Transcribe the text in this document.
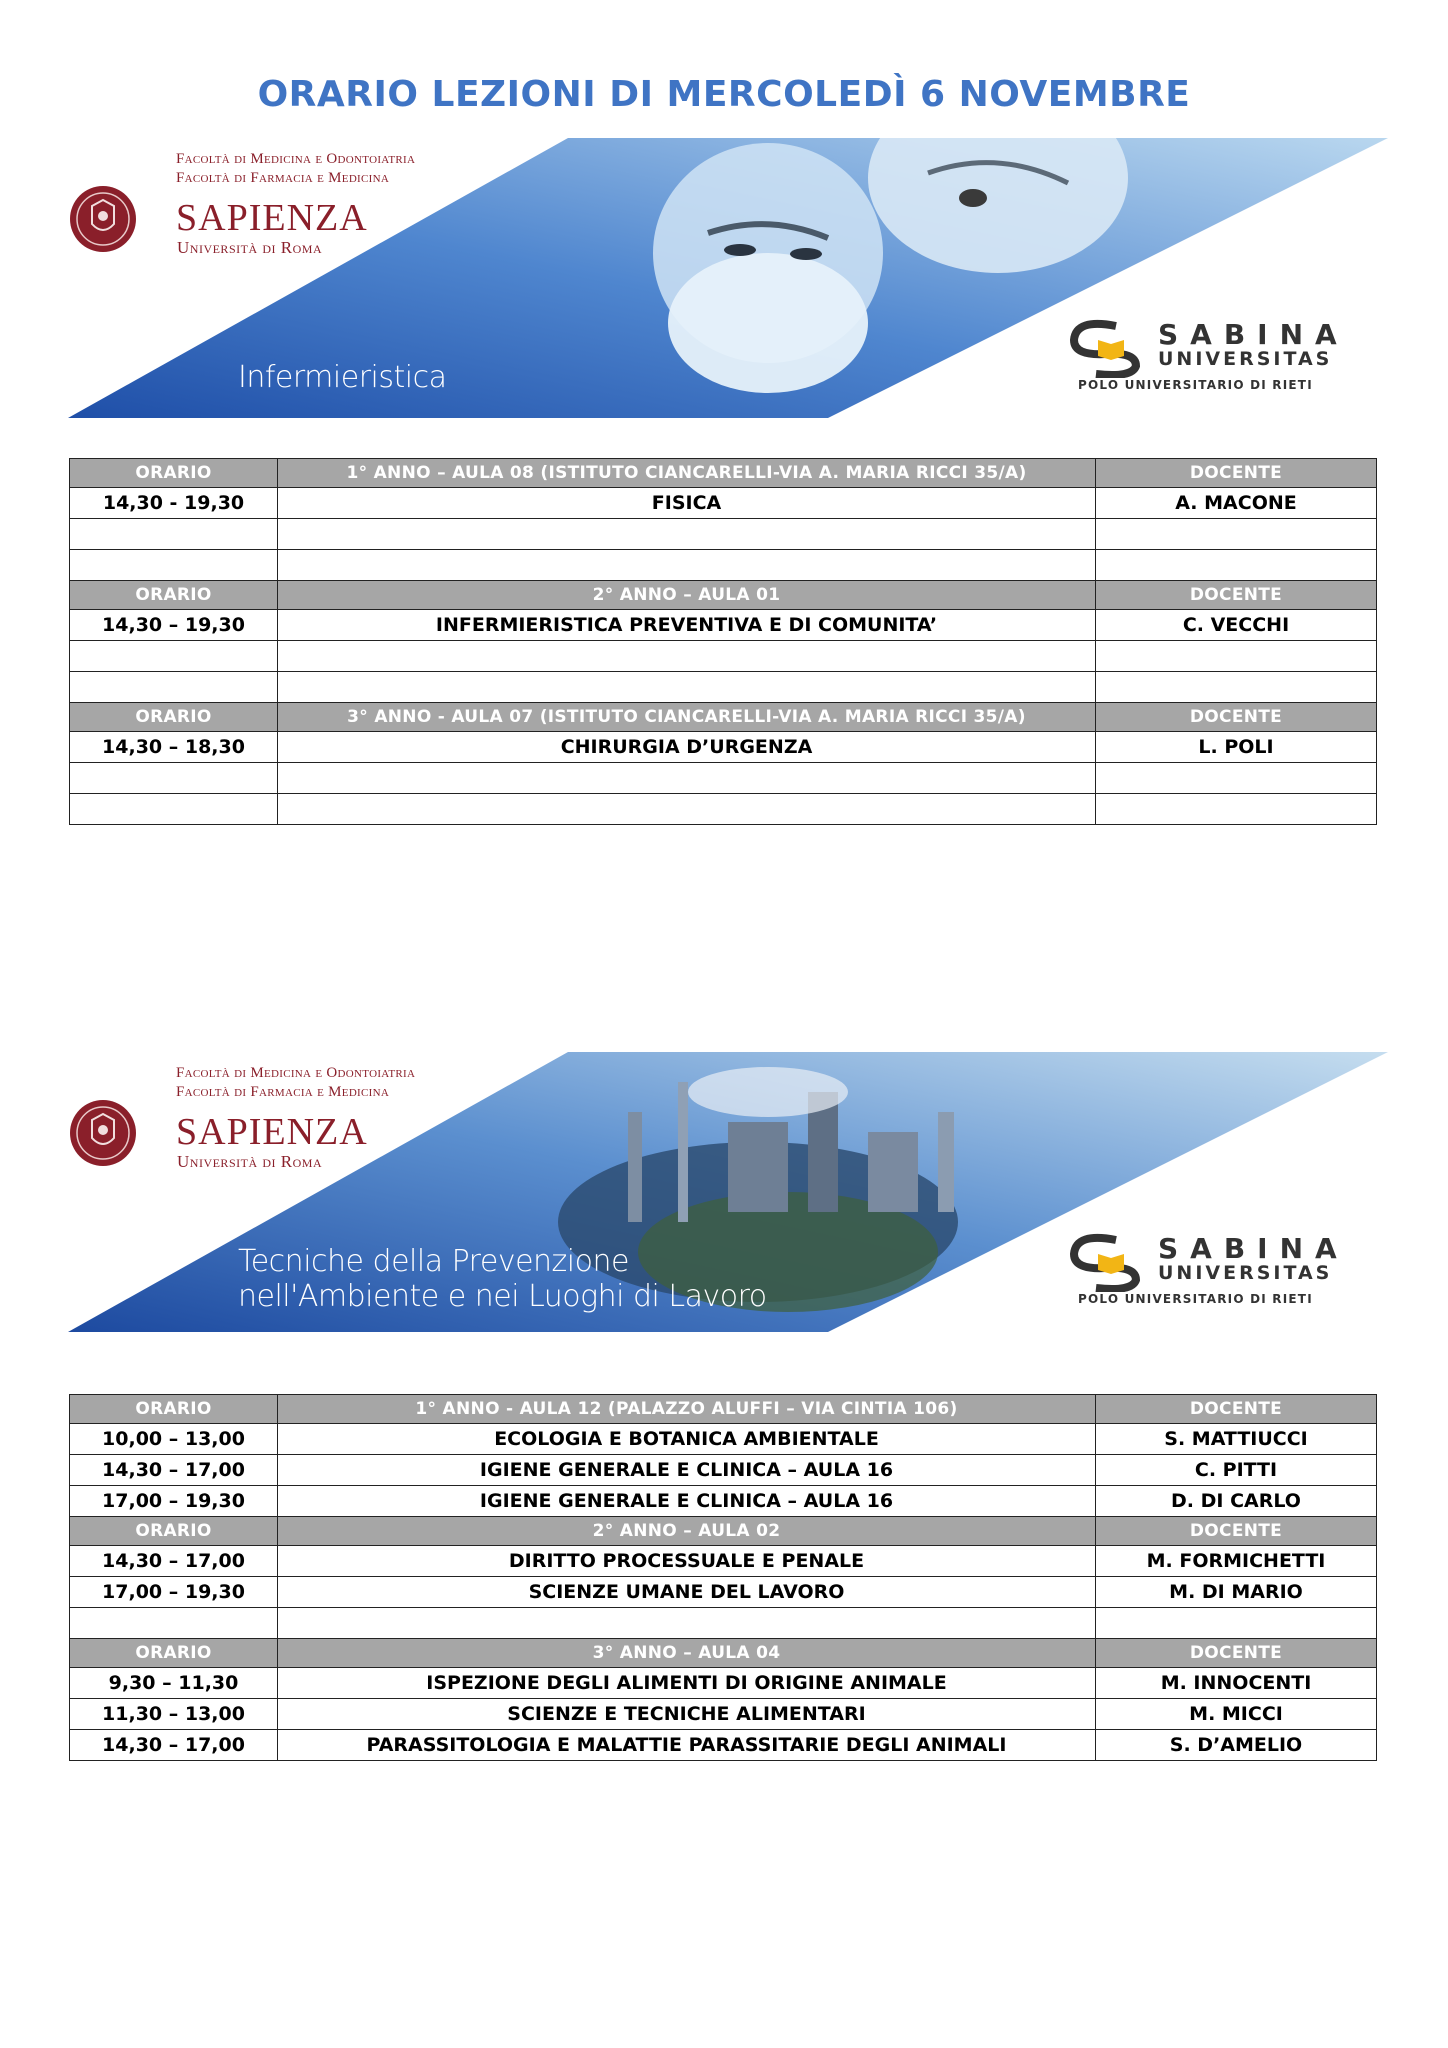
ORARIO LEZIONI DI MERCOLEDÌ 6 NOVEMBRE
Facoltà di Medicina e Odontoiatria
Facoltà di Farmacia e Medicina
SAPIENZA
Università di Roma
Infermieristica
SABINA
UNIVERSITAS
POLO UNIVERSITARIO DI RIETI
ORARIO	1° ANNO – AULA 08 (ISTITUTO CIANCARELLI-VIA A. MARIA RICCI 35/A)	DOCENTE
14,30 - 19,30	FISICA	A. MACONE

ORARIO	2° ANNO – AULA 01	DOCENTE
14,30 – 19,30	INFERMIERISTICA PREVENTIVA E DI COMUNITA’	C. VECCHI

ORARIO	3° ANNO - AULA 07 (ISTITUTO CIANCARELLI-VIA A. MARIA RICCI 35/A)	DOCENTE
14,30 – 18,30	CHIRURGIA D’URGENZA	L. POLI

Facoltà di Medicina e Odontoiatria
Facoltà di Farmacia e Medicina
SAPIENZA
Università di Roma
Tecniche della Prevenzione
nell'Ambiente e nei Luoghi di Lavoro
SABINA
UNIVERSITAS
POLO UNIVERSITARIO DI RIETI
ORARIO	1° ANNO - AULA 12 (PALAZZO ALUFFI – VIA CINTIA 106)	DOCENTE
10,00 – 13,00	ECOLOGIA E BOTANICA AMBIENTALE	S. MATTIUCCI
14,30 – 17,00	IGIENE GENERALE E CLINICA – AULA 16	C. PITTI
17,00 – 19,30	IGIENE GENERALE E CLINICA – AULA 16	D. DI CARLO
ORARIO	2° ANNO – AULA 02	DOCENTE
14,30 – 17,00	DIRITTO PROCESSUALE E PENALE	M. FORMICHETTI
17,00 – 19,30	SCIENZE UMANE DEL LAVORO	M. DI MARIO

ORARIO	3° ANNO – AULA 04	DOCENTE
9,30 – 11,30	ISPEZIONE DEGLI ALIMENTI DI ORIGINE ANIMALE	M. INNOCENTI
11,30 – 13,00	SCIENZE E TECNICHE ALIMENTARI	M. MICCI
14,30 – 17,00	PARASSITOLOGIA E MALATTIE PARASSITARIE DEGLI ANIMALI	S. D’AMELIO
